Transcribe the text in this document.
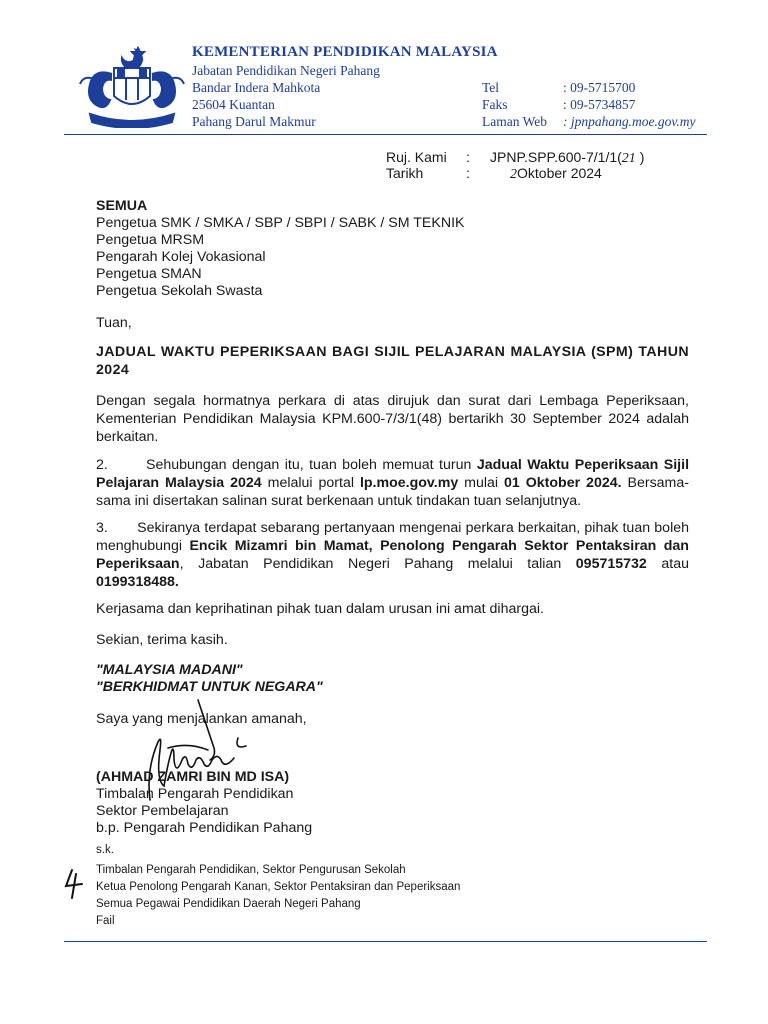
KEMENTERIAN PENDIDIKAN MALAYSIA
Jabatan Pendidikan Negeri Pahang
Bandar Indera Mahkota
25604 Kuantan
Pahang Darul Makmur
Tel	: 09-5715700
Faks	: 09-5734857
Laman Web : jpnpahang.moe.gov.my
Ruj. Kami : JPNP.SPP.600-7/1/1(21 )
Tarikh	:	2Oktober 2024
SEMUA
Pengetua SMK / SMKA / SBP / SBPI / SABK / SM TEKNIK
Pengetua MRSM
Pengarah Kolej Vokasional
Pengetua SMAN
Pengetua Sekolah Swasta
Tuan,
JADUAL WAKTU PEPERIKSAAN BAGI SIJIL PELAJARAN MALAYSIA (SPM) TAHUN 2024
Dengan segala hormatnya perkara di atas dirujuk dan surat dari Lembaga Peperiksaan, Kementerian Pendidikan Malaysia KPM.600-7/3/1(48) bertarikh 30 September 2024 adalah berkaitan.
2.	Sehubungan dengan itu, tuan boleh memuat turun Jadual Waktu Peperiksaan Sijil Pelajaran Malaysia 2024 melalui portal lp.moe.gov.my mulai 01 Oktober 2024. Bersama-sama ini disertakan salinan surat berkenaan untuk tindakan tuan selanjutnya.
3. Sekiranya terdapat sebarang pertanyaan mengenai perkara berkaitan, pihak tuan boleh menghubungi Encik Mizamri bin Mamat, Penolong Pengarah Sektor Pentaksiran dan Peperiksaan, Jabatan Pendidikan Negeri Pahang melalui talian 095715732 atau 0199318488.
Kerjasama dan keprihatinan pihak tuan dalam urusan ini amat dihargai.
Sekian, terima kasih.
"MALAYSIA MADANI"
"BERKHIDMAT UNTUK NEGARA"
Saya yang menjalankan amanah,
(AHMAD ZAMRI BIN MD ISA)
Timbalan Pengarah Pendidikan
Sektor Pembelajaran
b.p. Pengarah Pendidikan Pahang
s.k.
Timbalan Pengarah Pendidikan, Sektor Pengurusan Sekolah
Ketua Penolong Pengarah Kanan, Sektor Pentaksiran dan Peperiksaan
Semua Pegawai Pendidikan Daerah Negeri Pahang
Fail
